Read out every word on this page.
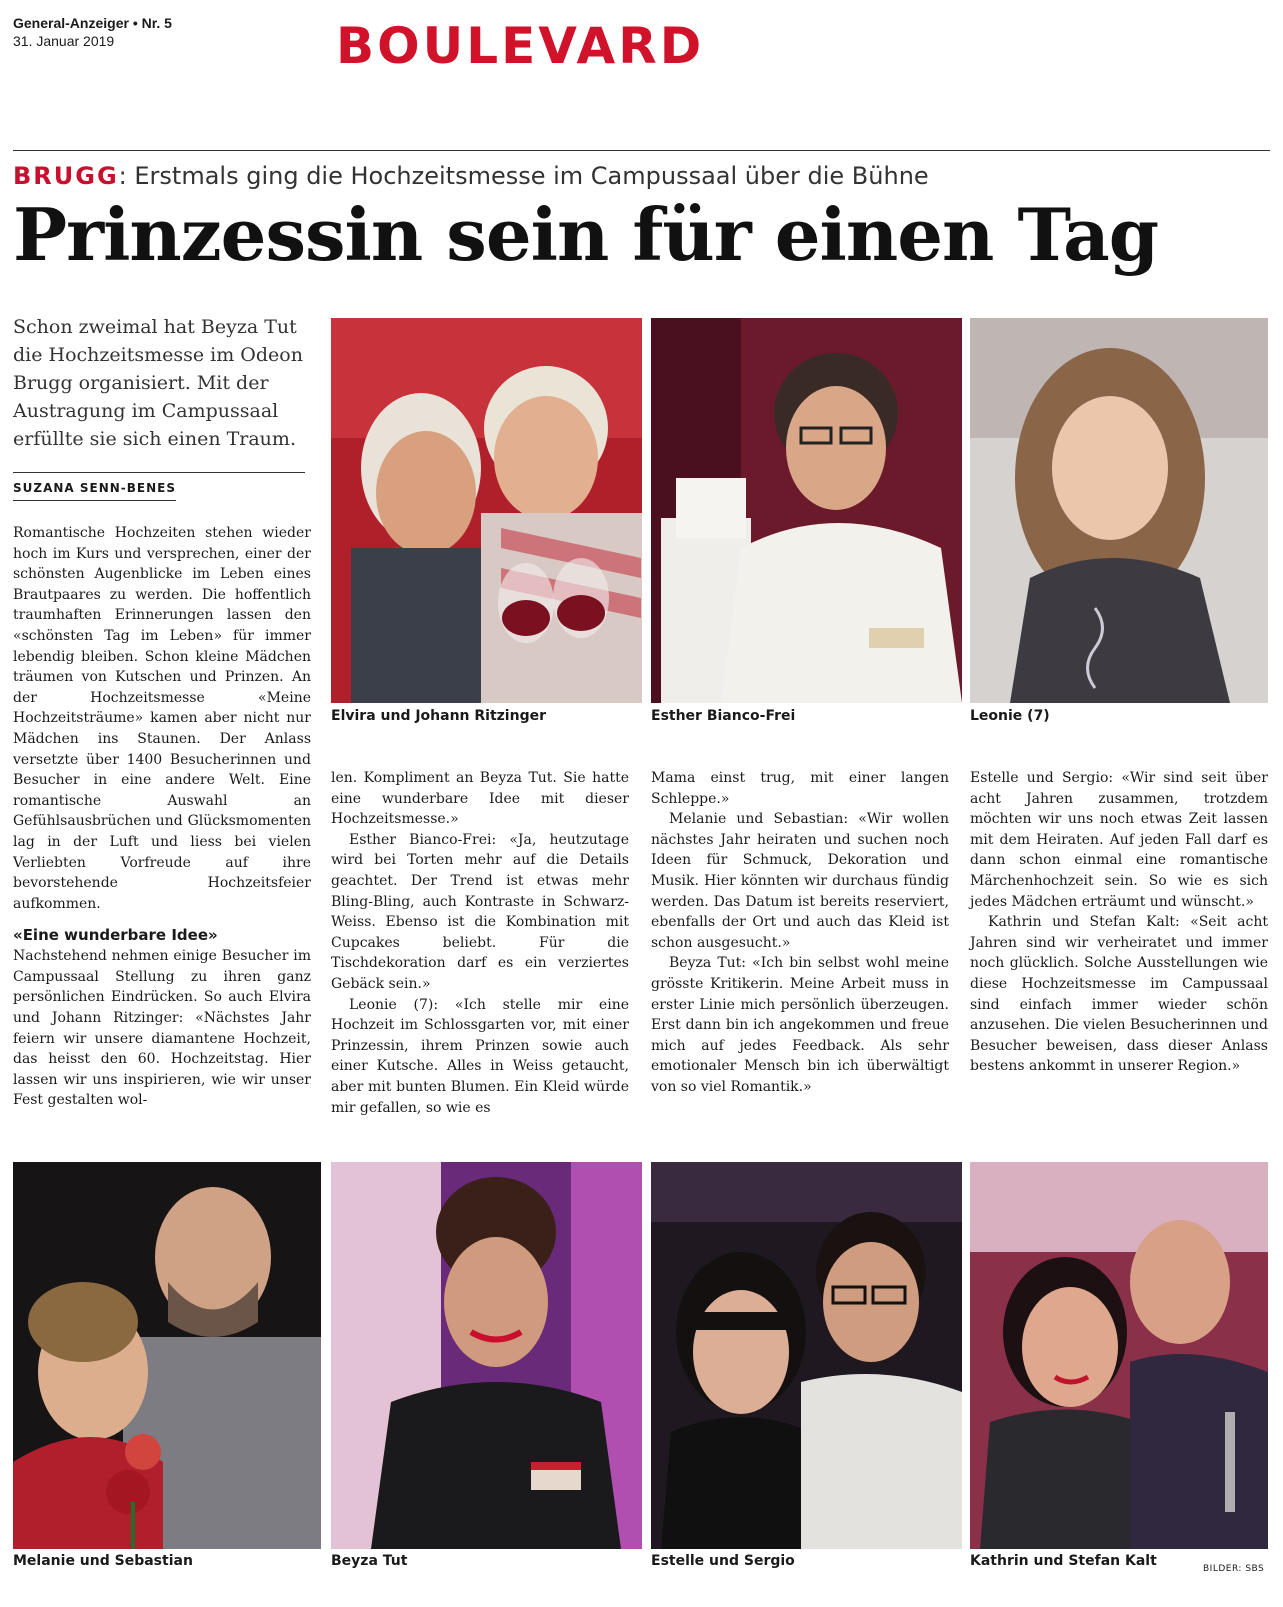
General-Anzeiger • Nr. 5
31. Januar 2019	BOULEVARD
BRUGG: Erstmals ging die Hochzeitsmesse im Campussaal über die Bühne
Prinzessin sein für einen Tag

Schon zweimal hat Beyza Tut die Hochzeitsmesse im Odeon Brugg organisiert. Mit der Austragung im Campussaal erfüllte sie sich einen Traum.

SUZANA SENN-BENES

Romantische Hochzeiten stehen wieder hoch im Kurs und versprechen, einer der schönsten Augenblicke im Leben eines Brautpaares zu werden. Die hoffentlich traumhaften Erinnerungen lassen den «schönsten Tag im Leben» für immer lebendig bleiben. Schon kleine Mädchen träumen von Kutschen und Prinzen. An der Hochzeitsmesse «Meine Hochzeitsträume» kamen aber nicht nur Mädchen ins Staunen. Der Anlass versetzte über 1400 Besucherinnen und Besucher in eine andere Welt. Eine romantische Auswahl an Gefühlsausbrüchen und Glücksmomenten lag in der Luft und liess bei vielen Verliebten Vorfreude auf ihre bevorstehende Hochzeitsfeier aufkommen.

«Eine wunderbare Idee»

Nachstehend nehmen einige Besucher im Campussaal Stellung zu ihren ganz persönlichen Eindrücken. So auch Elvira und Johann Ritzinger: «Nächstes Jahr feiern wir unsere diamantene Hochzeit, das heisst den 60. Hochzeitstag. Hier lassen wir uns inspirieren, wie wir unser Fest gestalten wol-

len. Kompliment an Beyza Tut. Sie hatte eine wunderbare Idee mit dieser Hochzeitsmesse.»

Esther Bianco-Frei: «Ja, heutzutage wird bei Torten mehr auf die Details geachtet. Der Trend ist etwas mehr Bling-Bling, auch Kontraste in Schwarz-Weiss. Ebenso ist die Kombination mit Cupcakes beliebt. Für die Tischdekoration darf es ein verziertes Gebäck sein.»

Leonie (7): «Ich stelle mir eine Hochzeit im Schlossgarten vor, mit einer Prinzessin, ihrem Prinzen sowie auch einer Kutsche. Alles in Weiss getaucht, aber mit bunten Blumen. Ein Kleid würde mir gefallen, so wie es

Mama einst trug, mit einer langen Schleppe.»

Melanie und Sebastian: «Wir wollen nächstes Jahr heiraten und suchen noch Ideen für Schmuck, Dekoration und Musik. Hier könnten wir durchaus fündig werden. Das Datum ist bereits reserviert, ebenfalls der Ort und auch das Kleid ist schon ausgesucht.»

Beyza Tut: «Ich bin selbst wohl meine grösste Kritikerin. Meine Arbeit muss in erster Linie mich persönlich überzeugen. Erst dann bin ich angekommen und freue mich auf jedes Feedback. Als sehr emotionaler Mensch bin ich überwältigt von so viel Romantik.»

Estelle und Sergio: «Wir sind seit über acht Jahren zusammen, trotzdem möchten wir uns noch etwas Zeit lassen mit dem Heiraten. Auf jeden Fall darf es dann schon einmal eine romantische Märchenhochzeit sein. So wie es sich jedes Mädchen erträumt und wünscht.»

Kathrin und Stefan Kalt: «Seit acht Jahren sind wir verheiratet und immer noch glücklich. Solche Ausstellungen wie diese Hochzeitsmesse im Campussaal sind einfach immer wieder schön anzusehen. Die vielen Besucherinnen und Besucher beweisen, dass dieser Anlass bestens ankommt in unserer Region.»

Elvira und Johann Ritzinger	Esther Bianco-Frei	Leonie (7)
Melanie und Sebastian	Beyza Tut	Estelle und Sergio	Kathrin und Stefan Kalt	BILDER: SBS
